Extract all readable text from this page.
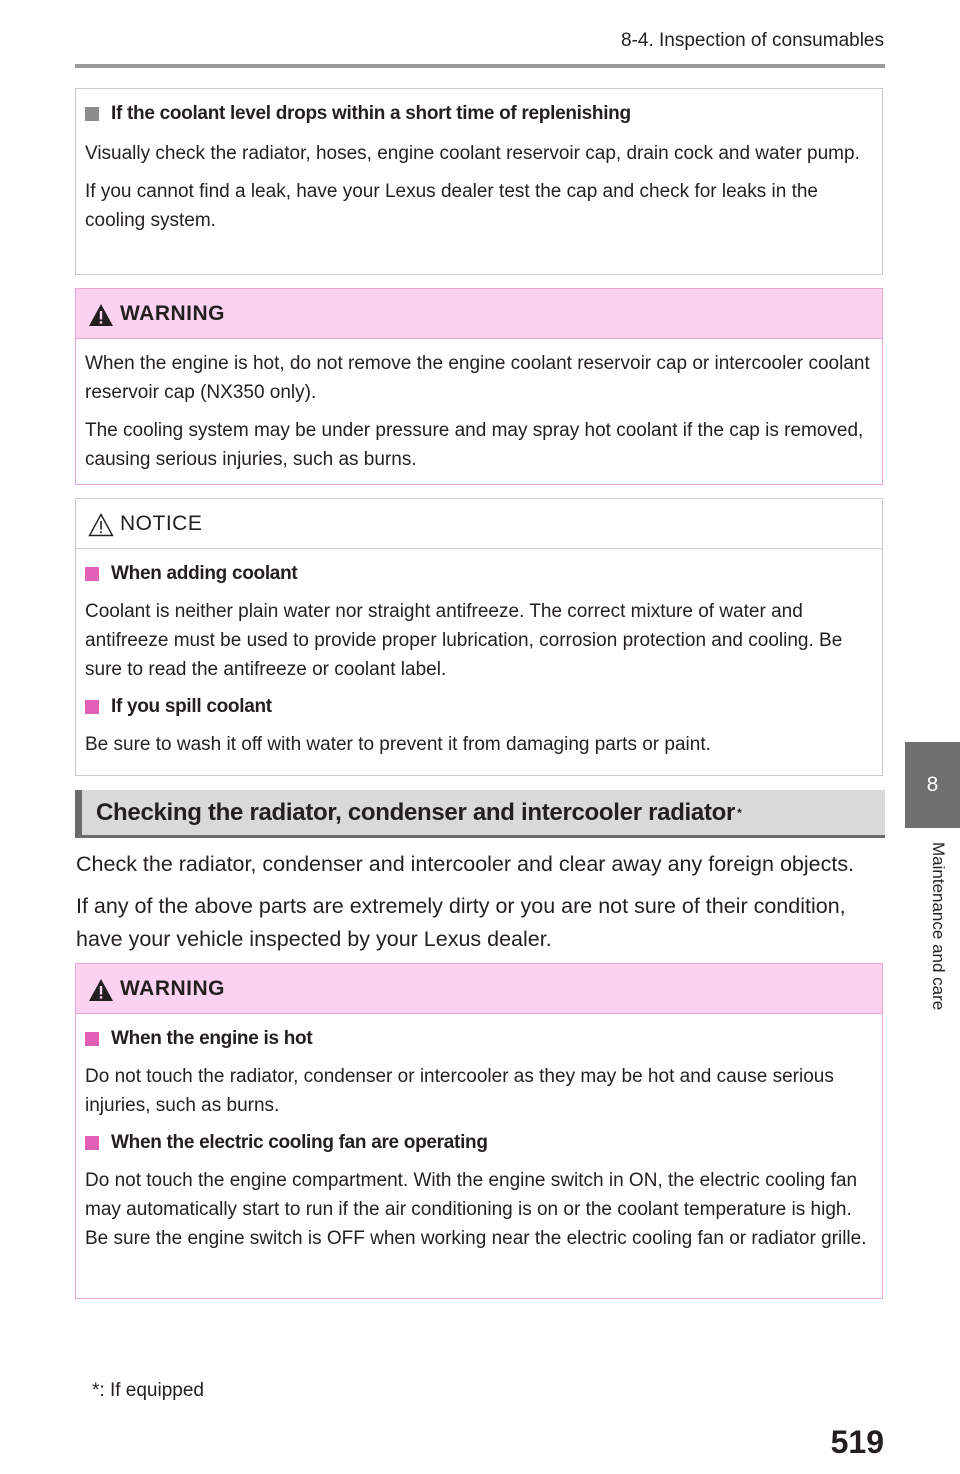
8-4. Inspection of consumables
If the coolant level drops within a short time of replenishing

Visually check the radiator, hoses, engine coolant reservoir cap, drain cock and water pump.

If you cannot find a leak, have your Lexus dealer test the cap and check for leaks in the cooling system.

WARNING

When the engine is hot, do not remove the engine coolant reservoir cap or intercooler coolant reservoir cap (NX350 only).

The cooling system may be under pressure and may spray hot coolant if the cap is removed, causing serious injuries, such as burns.

NOTICE
When adding coolant

Coolant is neither plain water nor straight antifreeze. The correct mixture of water and antifreeze must be used to provide proper lubrication, corrosion protection and cooling. Be sure to read the antifreeze or coolant label.

If you spill coolant

Be sure to wash it off with water to prevent it from damaging parts or paint.

Checking the radiator, condenser and intercooler radiator *

Check the radiator, condenser and intercooler and clear away any foreign objects.

If any of the above parts are extremely dirty or you are not sure of their condition, have your vehicle inspected by your Lexus dealer.

WARNING
When the engine is hot

Do not touch the radiator, condenser or intercooler as they may be hot and cause serious injuries, such as burns.

When the electric cooling fan are operating

Do not touch the engine compartment. With the engine switch in ON, the electric cooling fan may automatically start to run if the air conditioning is on or the coolant temperature is high. Be sure the engine switch is OFF when working near the electric cooling fan or radiator grille.

8
Maintenance and care
*: If equipped
519
